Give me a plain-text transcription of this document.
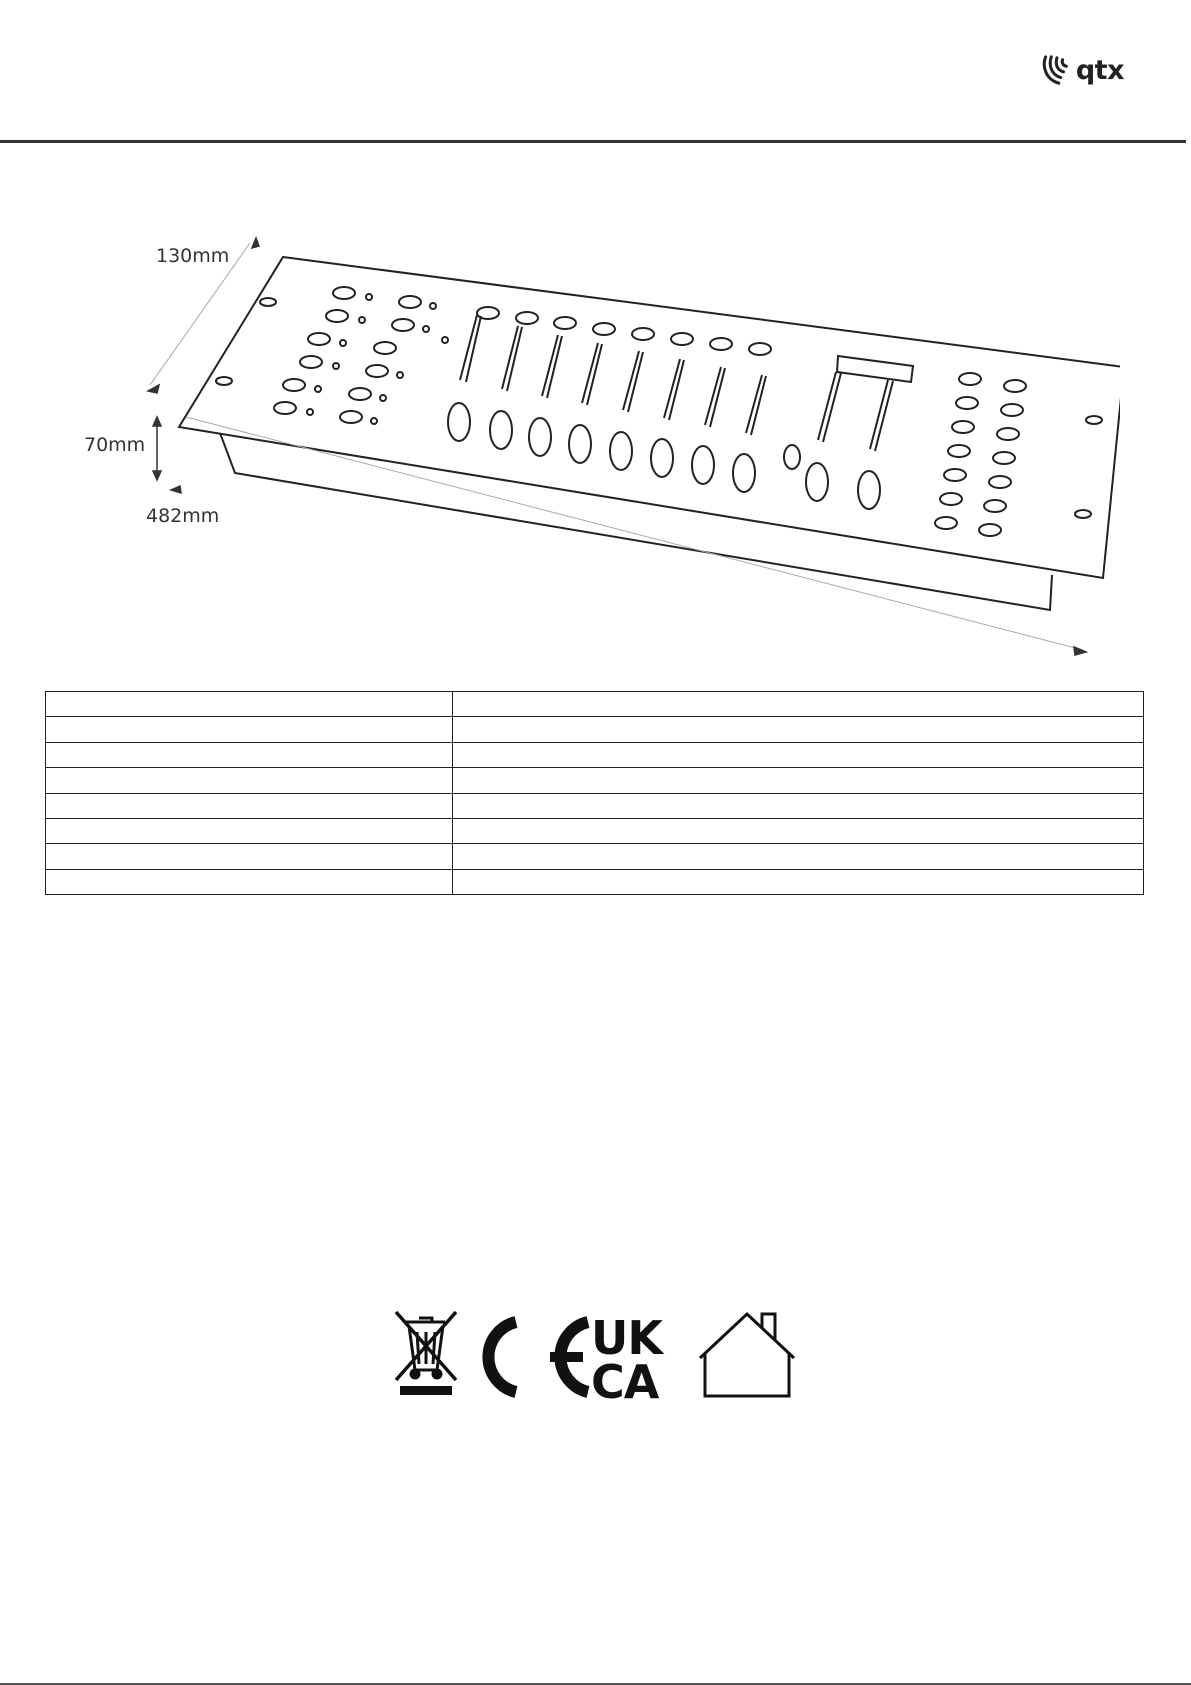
qtx
130mm
70mm
482mm

UK
CA
